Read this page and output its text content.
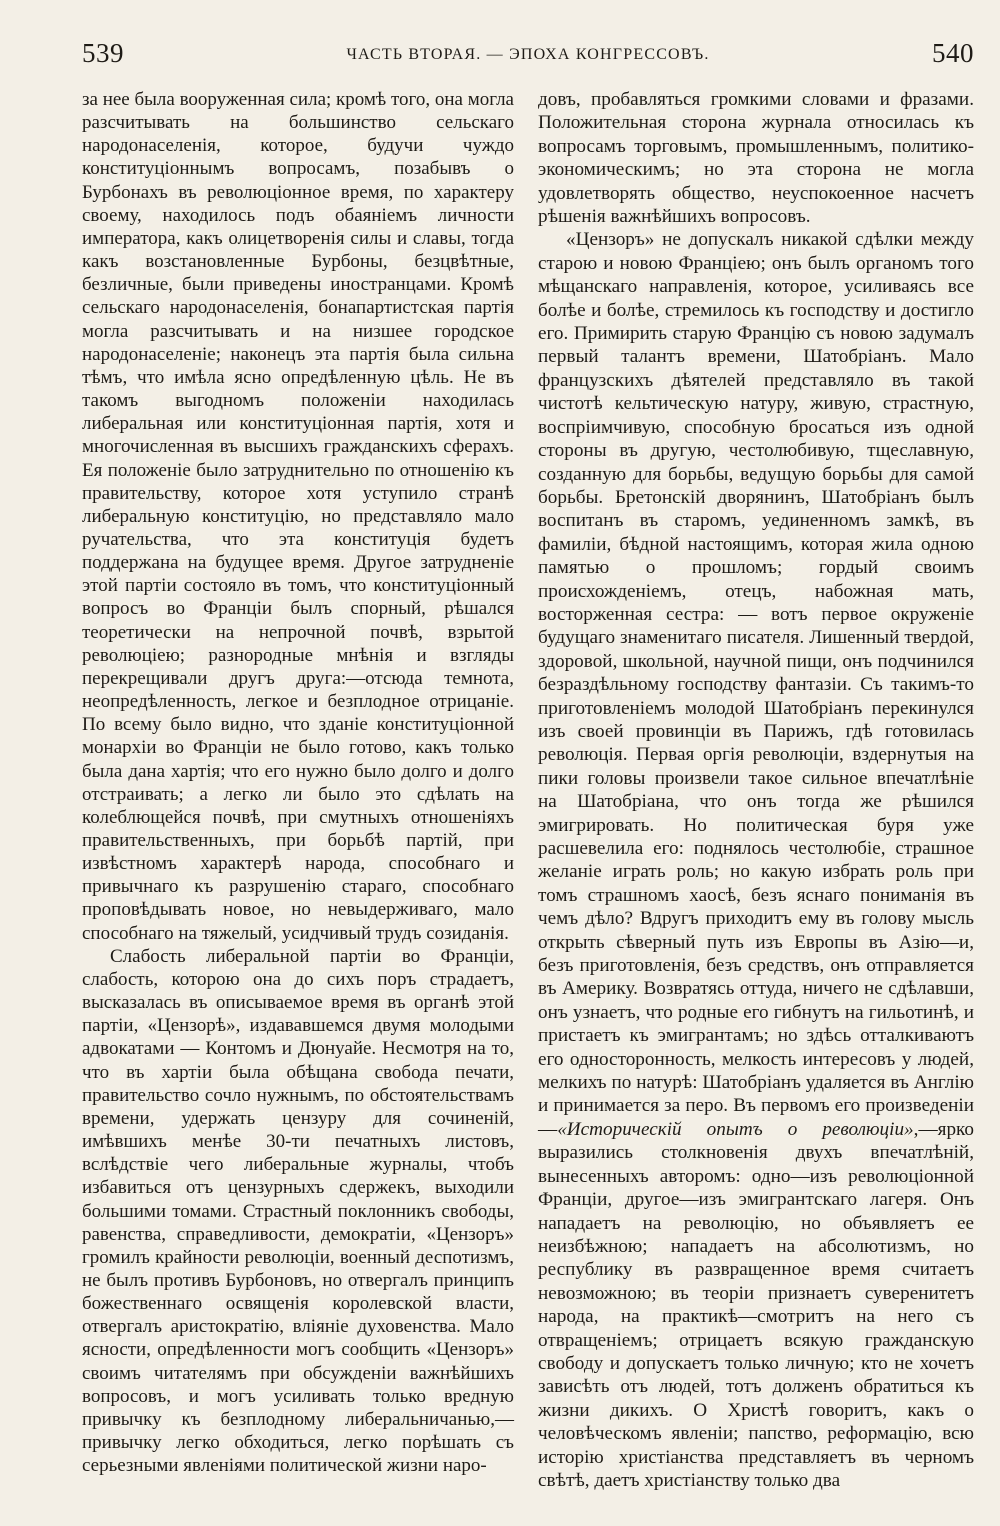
539	ЧАСТЬ ВТОРАЯ. — ЭПОХА КОНГРЕССОВЪ.	540

за нее была вооруженная сила; кромѣ того, она могла разсчитывать на большинство сельскаго народонаселенія, которое, будучи чуждо конституціоннымъ вопросамъ, позабывъ о Бурбонахъ въ революціонное время, по характеру своему, находилось подъ обаяніемъ личности императора, какъ олицетворенія силы и славы, тогда какъ возстановленные Бурбоны, безцвѣтные, безличные, были приведены иностранцами. Кромѣ сельскаго народонаселенія, бонапартистская партія могла разсчитывать и на низшее городское народонаселеніе; наконецъ эта партія была сильна тѣмъ, что имѣла ясно опредѣленную цѣль. Не въ такомъ выгодномъ положеніи находилась либеральная или конституціонная партія, хотя и многочисленная въ высшихъ гражданскихъ сферахъ. Ея положеніе было затруднительно по отношенію къ правительству, которое хотя уступило странѣ либеральную конституцію, но представляло мало ручательства, что эта конституція будетъ поддержана на будущее время. Другое затрудненіе этой партіи состояло въ томъ, что конституціонный вопросъ во Франціи былъ спорный, рѣшался теоретически на непрочной почвѣ, взрытой революціею; разнородные мнѣнія и взгляды перекрещивали другъ друга:—отсюда темнота, неопредѣленность, легкое и безплодное отрицаніе. По всему было видно, что зданіе конституціонной монархіи во Франціи не было готово, какъ только была дана хартія; что его нужно было долго и долго отстраивать; а легко ли было это сдѣлать на колеблющейся почвѣ, при смутныхъ отношеніяхъ правительственныхъ, при борьбѣ партій, при извѣстномъ характерѣ народа, способнаго и привычнаго къ разрушенію стараго, способнаго проповѣдывать новое, но невыдерживаго, мало способнаго на тяжелый, усидчивый трудъ созиданія.

Слабость либеральной партіи во Франціи, слабость, которою она до сихъ поръ страдаетъ, высказалась въ описываемое время въ органѣ этой партіи, «Цензорѣ», издававшемся двумя молодыми адвокатами — Контомъ и Дюнуайе. Несмотря на то, что въ хартіи была обѣщана свобода печати, правительство сочло нужнымъ, по обстоятельствамъ времени, удержать цензуру для сочиненій, имѣвшихъ менѣе 30-ти печатныхъ листовъ, вслѣдствіе чего либеральные журналы, чтобъ избавиться отъ цензурныхъ сдержекъ, выходили большими томами. Страстный поклонникъ свободы, равенства, справедливости, демократіи, «Цензоръ» громилъ крайности революціи, военный деспотизмъ, не былъ противъ Бурбоновъ, но отвергалъ принципъ божественнаго освященія королевской власти, отвергалъ аристократію, вліяніе духовенства. Мало ясности, опредѣленности могъ сообщить «Цензоръ» своимъ читателямъ при обсужденіи важнѣйшихъ вопросовъ, и могъ усиливать только вредную привычку къ безплодному либеральничанью,—привычку легко обходиться, легко порѣшать съ серьезными явленіями политической жизни наро-

довъ, пробавляться громкими словами и фразами. Положительная сторона журнала относилась къ вопросамъ торговымъ, промышленнымъ, политико-экономическимъ; но эта сторона не могла удовлетворять общество, неуспокоенное насчетъ рѣшенія важнѣйшихъ вопросовъ.

«Цензоръ» не допускалъ никакой сдѣлки между старою и новою Франціею; онъ былъ органомъ того мѣщанскаго направленія, которое, усиливаясь все болѣе и болѣе, стремилось къ господству и достигло его. Примирить старую Францію съ новою задумалъ первый талантъ времени, Шатобріанъ. Мало французскихъ дѣятелей представляло въ такой чистотѣ кельтическую натуру, живую, страстную, воспріимчивую, способную бросаться изъ одной стороны въ другую, честолюбивую, тщеславную, созданную для борьбы, ведущую борьбы для самой борьбы. Бретонскій дворянинъ, Шатобріанъ былъ воспитанъ въ старомъ, уединенномъ замкѣ, въ фамиліи, бѣдной настоящимъ, которая жила одною памятью о прошломъ; гордый своимъ происхожденіемъ, отецъ, набожная мать, восторженная сестра: — вотъ первое окруженіе будущаго знаменитаго писателя. Лишенный твердой, здоровой, школьной, научной пищи, онъ подчинился безраздѣльному господству фантазіи. Съ такимъ-то приготовленіемъ молодой Шатобріанъ перекинулся изъ своей провинціи въ Парижъ, гдѣ готовилась революція. Первая оргія революціи, вздернутыя на пики головы произвели такое сильное впечатлѣніе на Шатобріана, что онъ тогда же рѣшился эмигрировать. Но политическая буря уже расшевелила его: поднялось честолюбіе, страшное желаніе играть роль; но какую избрать роль при томъ страшномъ хаосѣ, безъ яснаго пониманія въ чемъ дѣло? Вдругъ приходитъ ему въ голову мысль открыть сѣверный путь изъ Европы въ Азію—и, безъ приготовленія, безъ средствъ, онъ отправляется въ Америку. Возвратясь оттуда, ничего не сдѣлавши, онъ узнаетъ, что родные его гибнутъ на гильотинѣ, и пристаетъ къ эмигрантамъ; но здѣсь отталкиваютъ его односторонность, мелкость интересовъ у людей, мелкихъ по натурѣ: Шатобріанъ удаляется въ Англію и принимается за перо. Въ первомъ его произведеніи—«Историческій опытъ о революціи»,—ярко выразились столкновенія двухъ впечатлѣній, вынесенныхъ авторомъ: одно—изъ революціонной Франціи, другое—изъ эмигрантскаго лагеря. Онъ нападаетъ на революцію, но объявляетъ ее неизбѣжною; нападаетъ на абсолютизмъ, но республику въ развращенное время считаетъ невозможною; въ теоріи признаетъ суверенитетъ народа, на практикѣ—смотритъ на него съ отвращеніемъ; отрицаетъ всякую гражданскую свободу и допускаетъ только личную; кто не хочетъ зависѣть отъ людей, тотъ долженъ обратиться къ жизни дикихъ. О Христѣ говоритъ, какъ о человѣческомъ явленіи; папство, реформацію, всю исторію христіанства представляетъ въ черномъ свѣтѣ, даетъ христіанству только два
